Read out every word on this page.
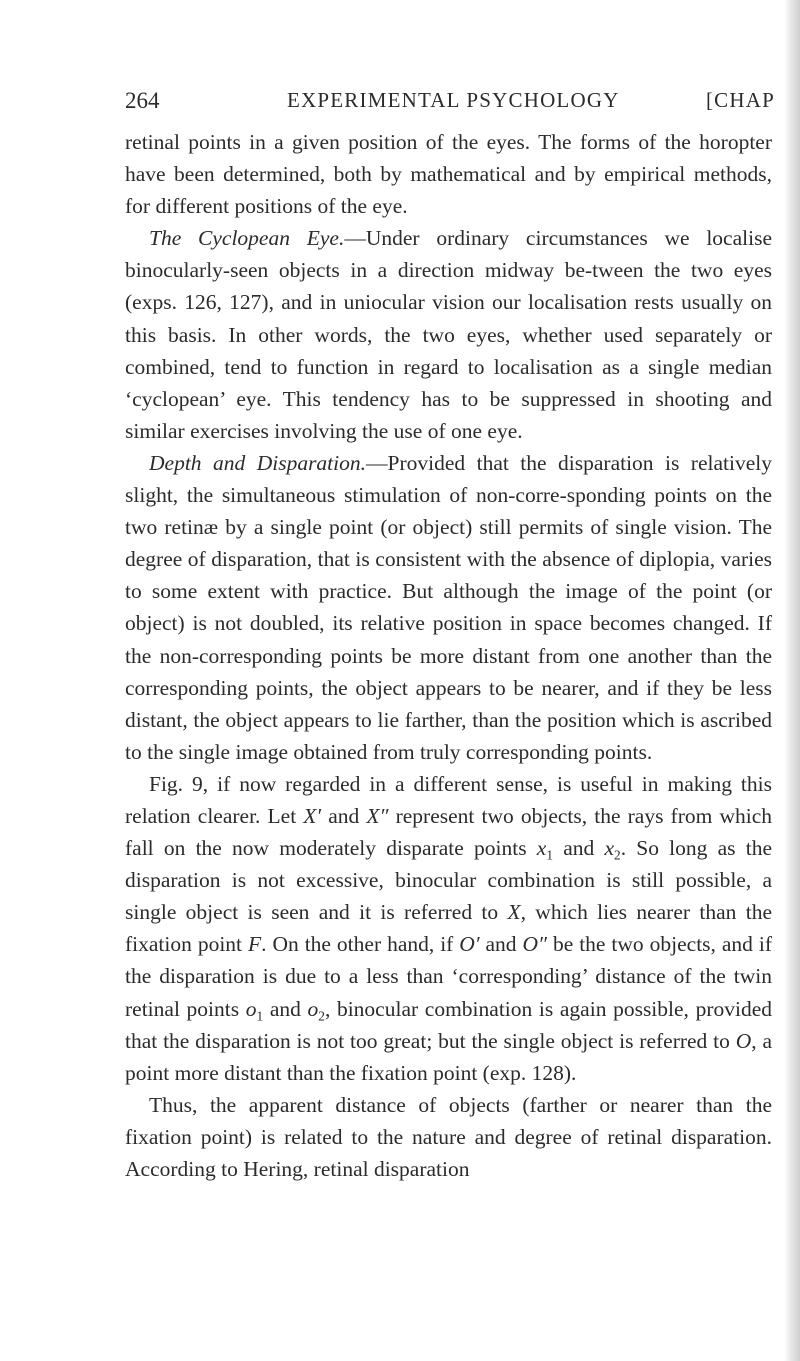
264	EXPERIMENTAL PSYCHOLOGY	[CHAP

retinal points in a given position of the eyes. The forms of the horopter have been determined, both by mathematical and by empirical methods, for different positions of the eye.

The Cyclopean Eye.—Under ordinary circumstances we localise binocularly-seen objects in a direction midway be-tween the two eyes (exps. 126, 127), and in uniocular vision our localisation rests usually on this basis. In other words, the two eyes, whether used separately or combined, tend to function in regard to localisation as a single median ‘cyclopean’ eye. This tendency has to be suppressed in shooting and similar exercises involving the use of one eye.

Depth and Disparation.—Provided that the disparation is relatively slight, the simultaneous stimulation of non-corre-sponding points on the two retinæ by a single point (or object) still permits of single vision. The degree of disparation, that is consistent with the absence of diplopia, varies to some extent with practice. But although the image of the point (or object) is not doubled, its relative position in space becomes changed. If the non-corresponding points be more distant from one another than the corresponding points, the object appears to be nearer, and if they be less distant, the object appears to lie farther, than the position which is ascribed to the single image obtained from truly corresponding points.

Fig. 9, if now regarded in a different sense, is useful in making this relation clearer. Let X′ and X″ represent two objects, the rays from which fall on the now moderately disparate points $x_1$ and $x_2$. So long as the disparation is not excessive, binocular combination is still possible, a single object is seen and it is referred to X, which lies nearer than the fixation point F. On the other hand, if O′ and O″ be the two objects, and if the disparation is due to a less than ‘corresponding’ distance of the twin retinal points $o_1$ and $o_2$, binocular combination is again possible, provided that the disparation is not too great; but the single object is referred to O, a point more distant than the fixation point (exp. 128).

Thus, the apparent distance of objects (farther or nearer than the fixation point) is related to the nature and degree of retinal disparation. According to Hering, retinal disparation
